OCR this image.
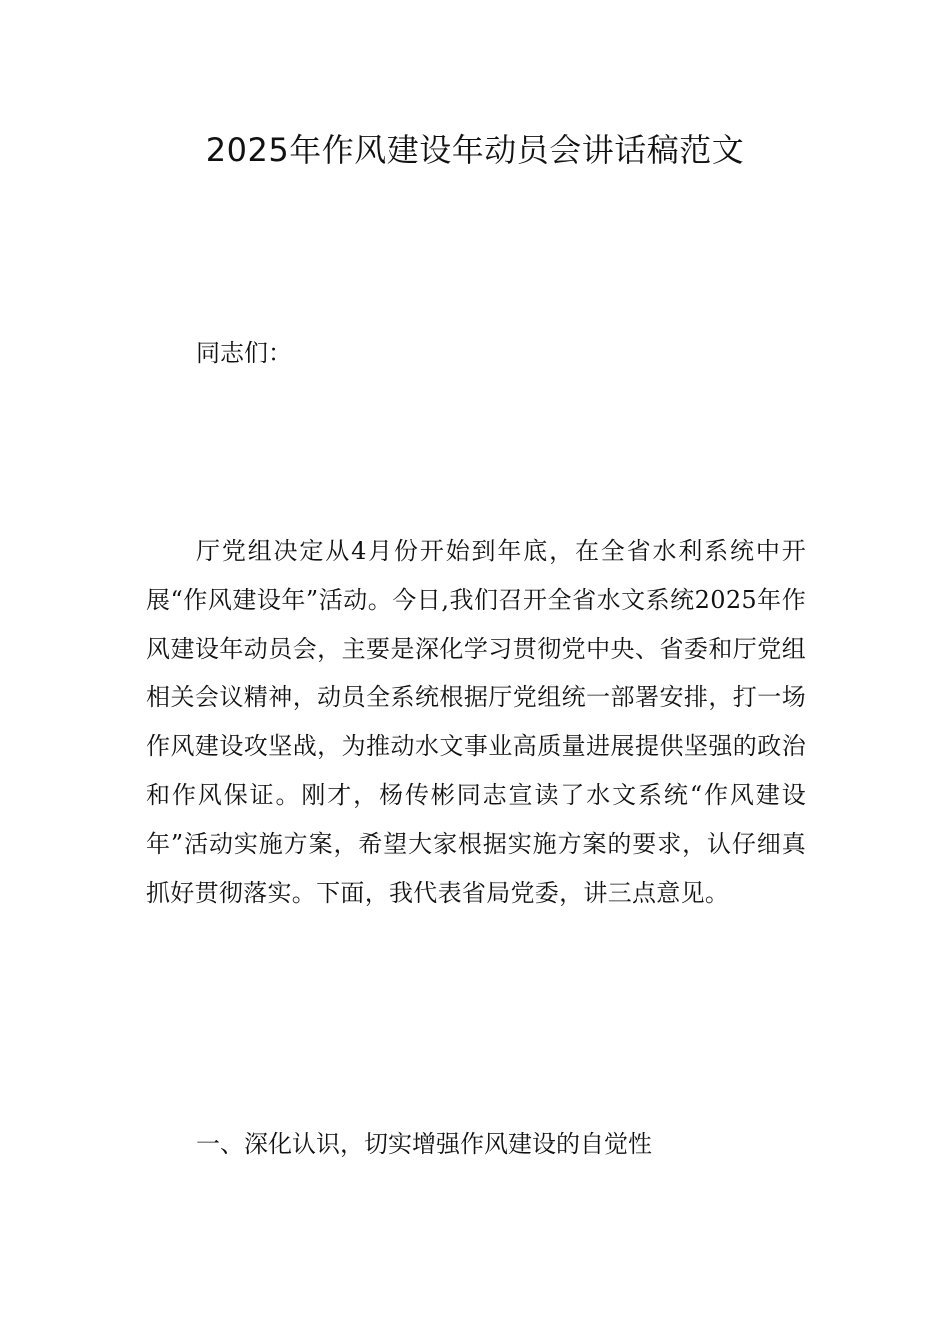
2025年作风建设年动员会讲话稿范文
同志们：
厅党组决定从4月份开始到年底，在全省水利系统中开展“作风建设年”活动。今日,我们召开全省水文系统2025年作风建设年动员会，主要是深化学习贯彻党中央、省委和厅党组相关会议精神，动员全系统根据厅党组统一部署安排，打一场作风建设攻坚战，为推动水文事业高质量进展提供坚强的政治和作风保证。刚才，杨传彬同志宣读了水文系统“作风建设年”活动实施方案，希望大家根据实施方案的要求，认仔细真抓好贯彻落实。下面，我代表省局党委，讲三点意见。
一、深化认识，切实增强作风建设的自觉性
